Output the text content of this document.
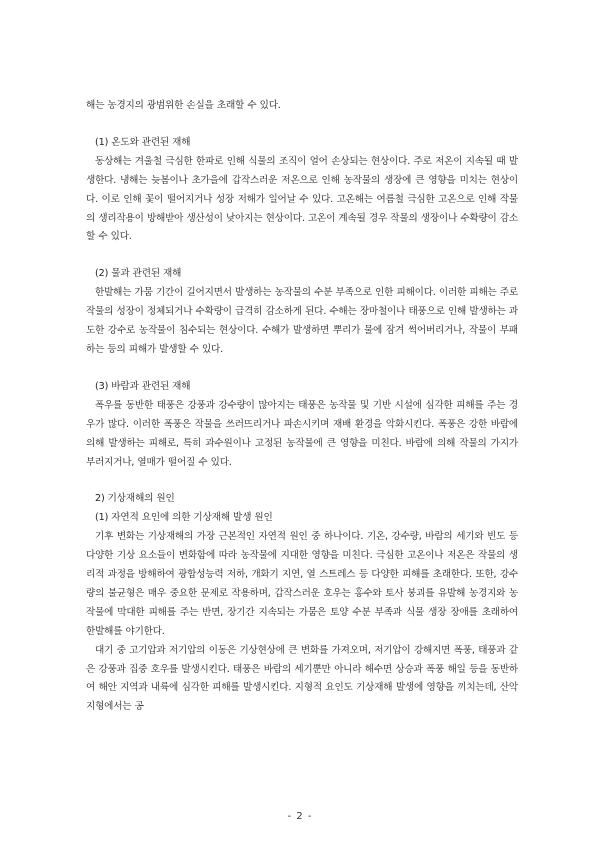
해는 농경지의 광범위한 손실을 초래할 수 있다.

(1) 온도와 관련된 재해

동상해는 겨울철 극심한 한파로 인해 식물의 조직이 얼어 손상되는 현상이다. 주로 저온이 지속될 때 발생한다. 냉해는 늦봄이나 초가을에 갑작스러운 저온으로 인해 농작물의 생장에 큰 영향을 미치는 현상이다. 이로 인해 꽃이 떨어지거나 성장 저해가 일어날 수 있다. 고온해는 여름철 극심한 고온으로 인해 작물의 생리작용이 방해받아 생산성이 낮아지는 현상이다. 고온이 계속될 경우 작물의 생장이나 수확량이 감소할 수 있다.

(2) 물과 관련된 재해

한발해는 가뭄 기간이 길어지면서 발생하는 농작물의 수분 부족으로 인한 피해이다. 이러한 피해는 주로 작물의 성장이 정체되거나 수확량이 급격히 감소하게 된다. 수해는 장마철이나 태풍으로 인해 발생하는 과도한 강수로 농작물이 침수되는 현상이다. 수해가 발생하면 뿌리가 물에 잠겨 썩어버리거나, 작물이 부패하는 등의 피해가 발생할 수 있다.

(3) 바람과 관련된 재해

폭우를 동반한 태풍은 강풍과 강수량이 많아지는 태풍은 농작물 및 기반 시설에 심각한 피해를 주는 경우가 많다. 이러한 폭풍은 작물을 쓰러뜨리거나 파손시키며 재배 환경을 악화시킨다. 폭풍은 강한 바람에 의해 발생하는 피해로, 특히 과수원이나 고정된 농작물에 큰 영향을 미친다. 바람에 의해 작물의 가지가 부러지거나, 열매가 떨어질 수 있다.

2) 기상재해의 원인

(1) 자연적 요인에 의한 기상재해 발생 원인

기후 변화는 기상재해의 가장 근본적인 자연적 원인 중 하나이다. 기온, 강수량, 바람의 세기와 빈도 등 다양한 기상 요소들이 변화함에 따라 농작물에 지대한 영향을 미친다. 극심한 고온이나 저온은 작물의 생리적 과정을 방해하여 광합성능력 저하, 개화기 지연, 열 스트레스 등 다양한 피해를 초래한다. 또한, 강수량의 불균형은 매우 중요한 문제로 작용하며, 갑작스러운 호우는 홍수와 토사 붕괴를 유발해 농경지와 농작물에 막대한 피해를 주는 반면, 장기간 지속되는 가뭄은 토양 수분 부족과 식물 생장 장애를 초래하여 한발해를 야기한다.

대기 중 고기압과 저기압의 이동은 기상현상에 큰 변화를 가져오며, 저기압이 강해지면 폭풍, 태풍과 같은 강풍과 집중 호우를 발생시킨다. 태풍은 바람의 세기뿐만 아니라 해수면 상승과 폭풍 해일 등을 동반하여 해안 지역과 내륙에 심각한 피해를 발생시킨다. 지형적 요인도 기상재해 발생에 영향을 끼치는데, 산악 지형에서는 공

- 2 -
